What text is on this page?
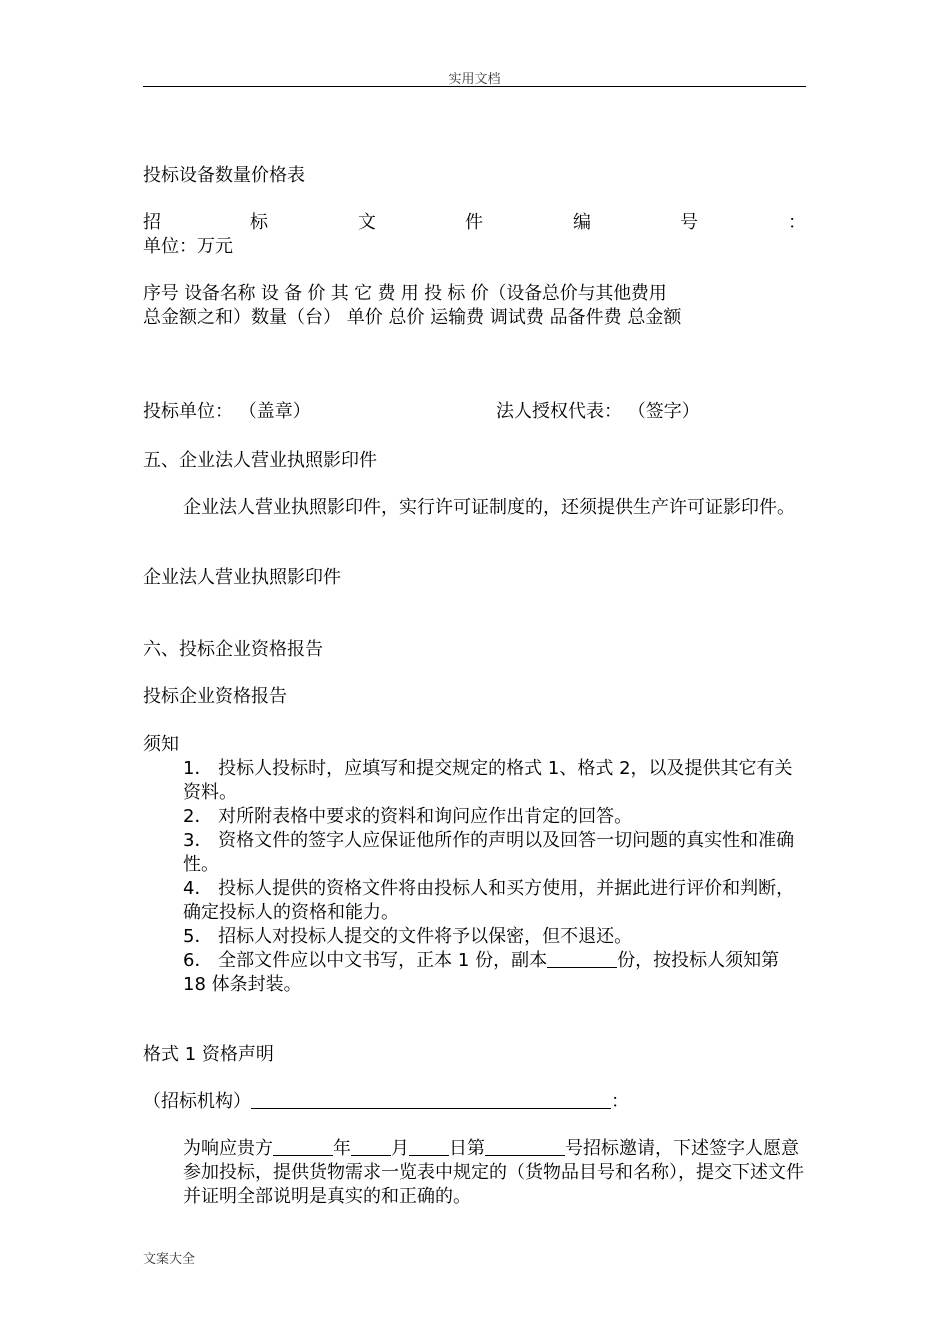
实用文档
投标设备数量价格表
招	标	文	件	编	号	：
单位：万元
序号 设备名称 设 备 价 其 它 费 用 投 标 价（设备总价与其他费用
总金额之和）数量（台） 单价 总价 运输费 调试费 品备件费 总金额
投标单位： （盖章）	法人授权代表： （签字）
五、企业法人营业执照影印件
企业法人营业执照影印件，实行许可证制度的，还须提供生产许可证影印件。
企业法人营业执照影印件
六、投标企业资格报告
投标企业资格报告
须知
1． 投标人投标时，应填写和提交规定的格式 1、格式 2，以及提供其它有关资料。
2． 对所附表格中要求的资料和询问应作出肯定的回答。
3． 资格文件的签字人应保证他所作的声明以及回答一切问题的真实性和准确性。
4． 投标人提供的资格文件将由投标人和买方使用，并据此进行评价和判断，确定投标人的资格和能力。
5． 招标人对投标人提交的文件将予以保密，但不退还。
6． 全部文件应以中文书写，正本 1 份，副本	份，按投标人须知第 18 体条封装。
格式 1 资格声明
（招标机构）	：
为响应贵方	年 月 日第	号招标邀请，下述签字人愿意参加投标，提供货物需求一览表中规定的（货物品目号和名称），提交下述文件并证明全部说明是真实的和正确的。
文案大全
